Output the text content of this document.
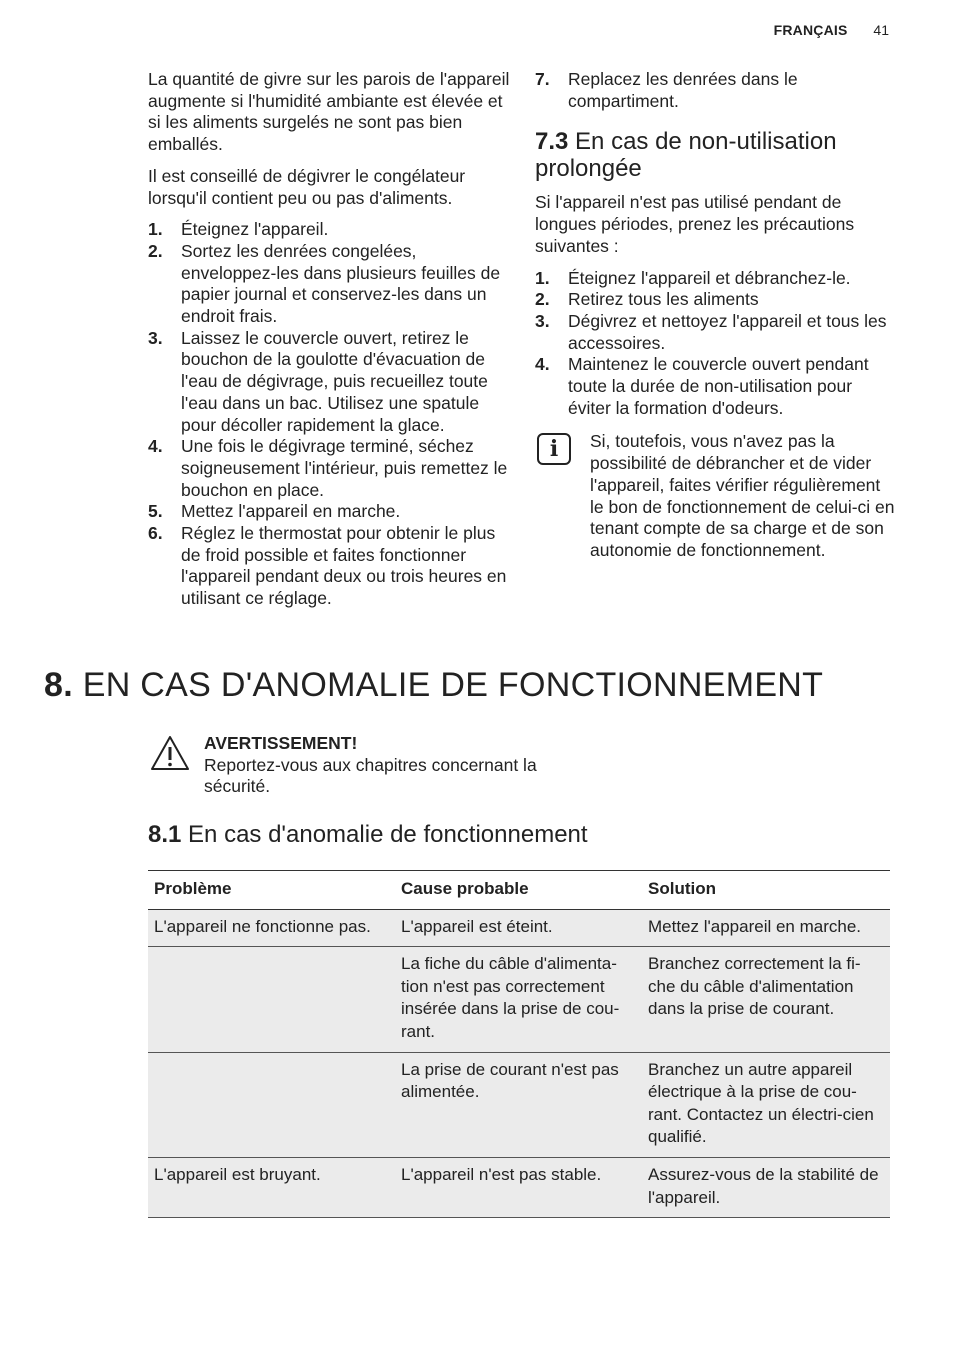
FRANÇAIS 41

La quantité de givre sur les parois de l'appareil augmente si l'humidité ambiante est élevée et si les aliments surgelés ne sont pas bien emballés.

Il est conseillé de dégivrer le congélateur lorsqu'il contient peu ou pas d'aliments.

1. Éteignez l'appareil.
2. Sortez les denrées congelées, enveloppez-les dans plusieurs feuilles de papier journal et conservez-les dans un endroit frais.
3. Laissez le couvercle ouvert, retirez le bouchon de la goulotte d'évacuation de l'eau de dégivrage, puis recueillez toute l'eau dans un bac. Utilisez une spatule pour décoller rapidement la glace.
4. Une fois le dégivrage terminé, séchez soigneusement l'intérieur, puis remettez le bouchon en place.
5. Mettez l'appareil en marche.
6. Réglez le thermostat pour obtenir le plus de froid possible et faites fonctionner l'appareil pendant deux ou trois heures en utilisant ce réglage.
7. Replacez les denrées dans le compartiment.
7.3 En cas de non-utilisation prolongée

Si l'appareil n'est pas utilisé pendant de longues périodes, prenez les précautions suivantes :

1. Éteignez l'appareil et débranchez-le.
2. Retirez tous les aliments
3. Dégivrez et nettoyez l'appareil et tous les accessoires.
4. Maintenez le couvercle ouvert pendant toute la durée de non-utilisation pour éviter la formation d'odeurs.
i	Si, toutefois, vous n'avez pas la possibilité de débrancher et de vider l'appareil, faites vérifier régulièrement le bon de fonctionnement de celui-ci en tenant compte de sa charge et de son autonomie de fonctionnement.
8. EN CAS D'ANOMALIE DE FONCTIONNEMENT
AVERTISSEMENT!
Reportez-vous aux chapitres concernant la sécurité.
8.1 En cas d'anomalie de fonctionnement
Problème	Cause probable	Solution
L'appareil ne fonctionne pas.	L'appareil est éteint.	Mettez l'appareil en marche.
	La fiche du câble d'alimenta-tion n'est pas correctement insérée dans la prise de cou-rant.	Branchez correctement la fi-che du câble d'alimentation dans la prise de courant.
	La prise de courant n'est pas alimentée.	Branchez un autre appareil électrique à la prise de cou-rant. Contactez un électri-cien qualifié.
L'appareil est bruyant.	L'appareil n'est pas stable.	Assurez-vous de la stabilité de l'appareil.
